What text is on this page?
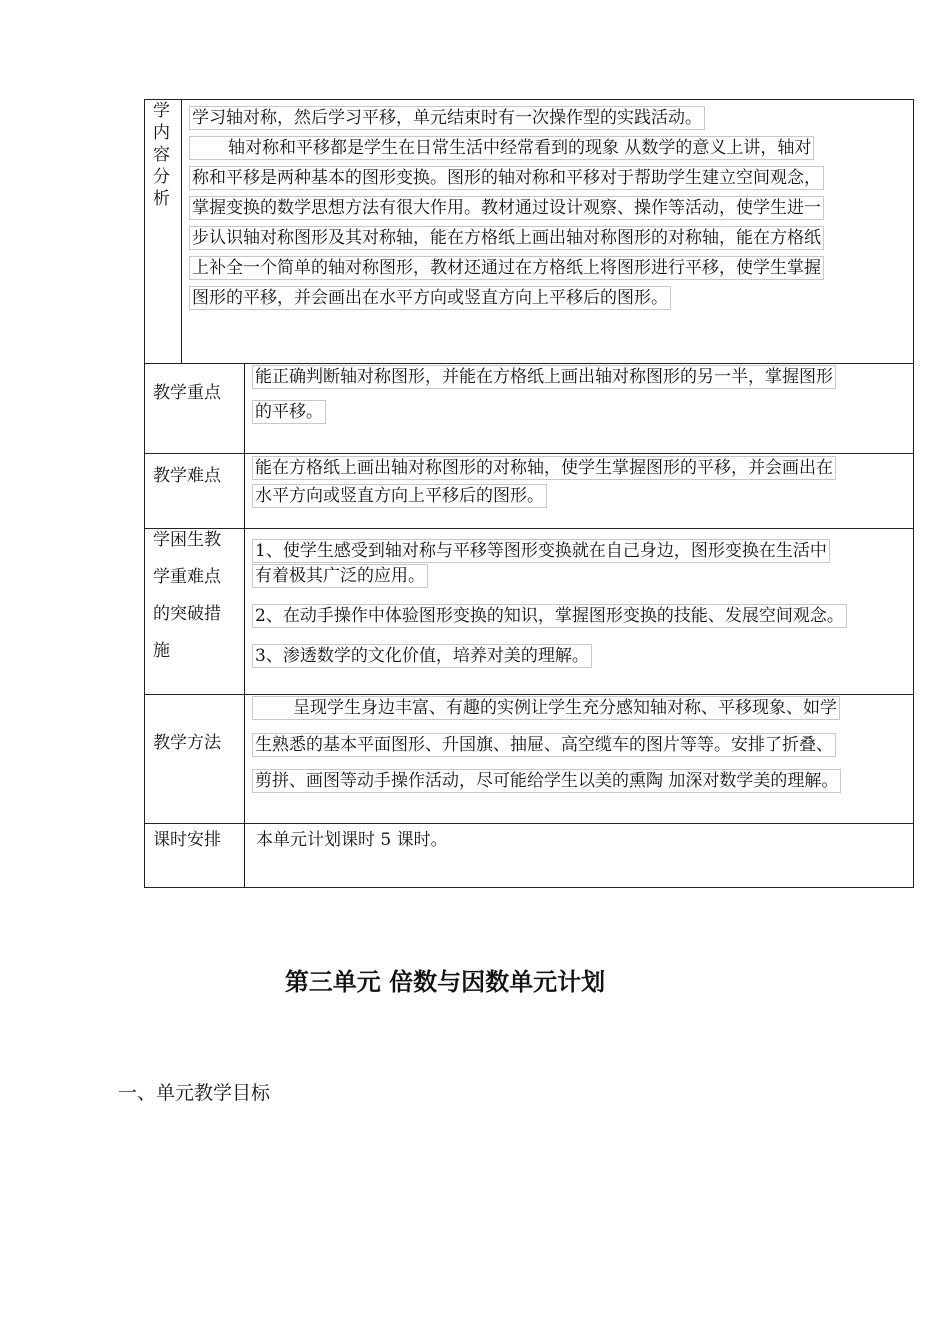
学内容分析
学习轴对称，然后学习平移，单元结束时有一次操作型的实践活动。
轴对称和平移都是学生在日常生活中经常看到的现象 从数学的意义上讲，轴对
称和平移是两种基本的图形变换。图形的轴对称和平移对于帮助学生建立空间观念，
掌握变换的数学思想方法有很大作用。教材通过设计观察、操作等活动，使学生进一
步认识轴对称图形及其对称轴，能在方格纸上画出轴对称图形的对称轴，能在方格纸
上补全一个简单的轴对称图形，教材还通过在方格纸上将图形进行平移，使学生掌握
图形的平移，并会画出在水平方向或竖直方向上平移后的图形。
教学重点
能正确判断轴对称图形，并能在方格纸上画出轴对称图形的另一半，掌握图形
的平移。
教学难点 能在方格纸上画出轴对称图形的对称轴，使学生掌握图形的平移，并会画出在
水平方向或竖直方向上平移后的图形。
学困生教
学重难点
的突破措
施
1、使学生感受到轴对称与平移等图形变换就在自己身边，图形变换在生活中
有着极其广泛的应用。
2、在动手操作中体验图形变换的知识，掌握图形变换的技能、发展空间观念。
3、渗透数学的文化价值，培养对美的理解。
教学方法
呈现学生身边丰富、有趣的实例让学生充分感知轴对称、平移现象、如学
生熟悉的基本平面图形、升国旗、抽屉、高空缆车的图片等等。安排了折叠、
剪拼、画图等动手操作活动，尽可能给学生以美的熏陶 加深对数学美的理解。
课时安排 本单元计划课时 5 课时。
第三单元 倍数与因数单元计划
一、单元教学目标
